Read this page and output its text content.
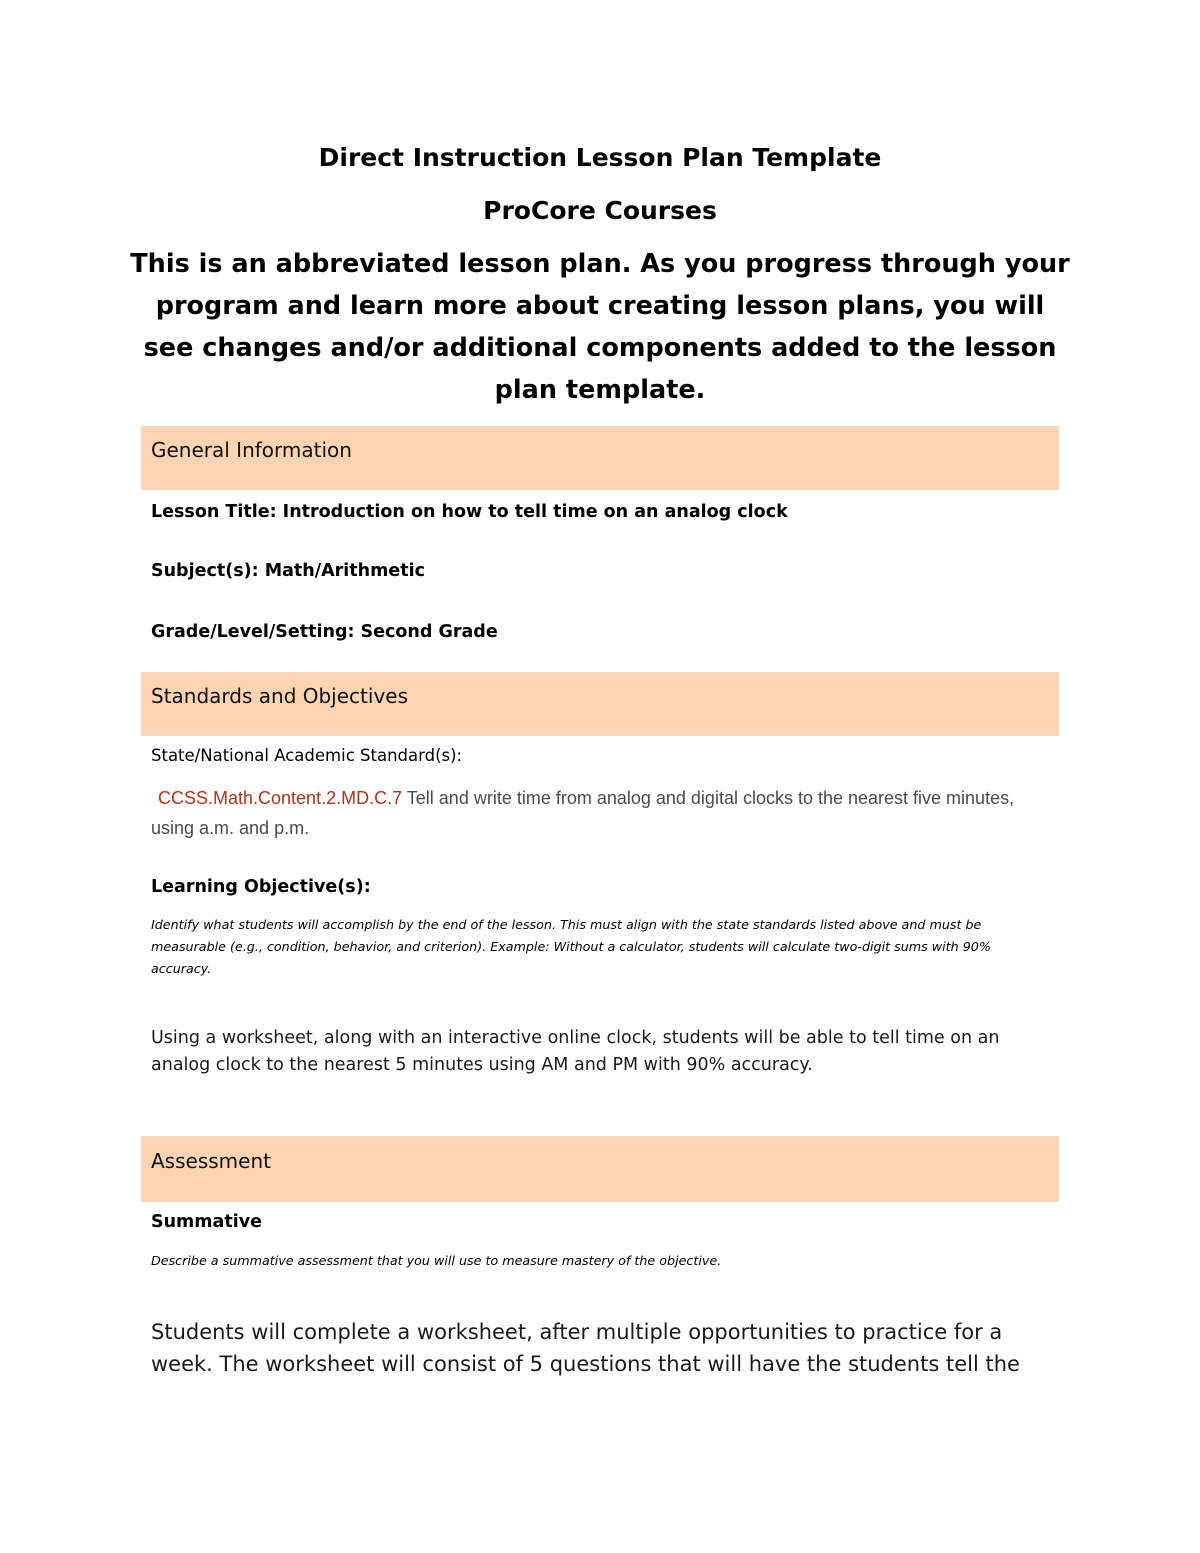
Direct Instruction Lesson Plan Template
ProCore Courses

This is an abbreviated lesson plan. As you progress through your program and learn more about creating lesson plans, you will see changes and/or additional components added to the lesson plan template.

General Information
Lesson Title: Introduction on how to tell time on an analog clock
Subject(s): Math/Arithmetic
Grade/Level/Setting: Second Grade
Standards and Objectives
State/National Academic Standard(s):
CCSS.Math.Content.2.MD.C.7 Tell and write time from analog and digital clocks to the nearest five minutes, using a.m. and p.m.
Learning Objective(s):
Identify what students will accomplish by the end of the lesson. This must align with the state standards listed above and must be measurable (e.g., condition, behavior, and criterion). Example: Without a calculator, students will calculate two-digit sums with 90% accuracy.
Using a worksheet, along with an interactive online clock, students will be able to tell time on an analog clock to the nearest 5 minutes using AM and PM with 90% accuracy.
Assessment
Summative
Describe a summative assessment that you will use to measure mastery of the objective.
Students will complete a worksheet, after multiple opportunities to practice for a week. The worksheet will consist of 5 questions that will have the students tell the
